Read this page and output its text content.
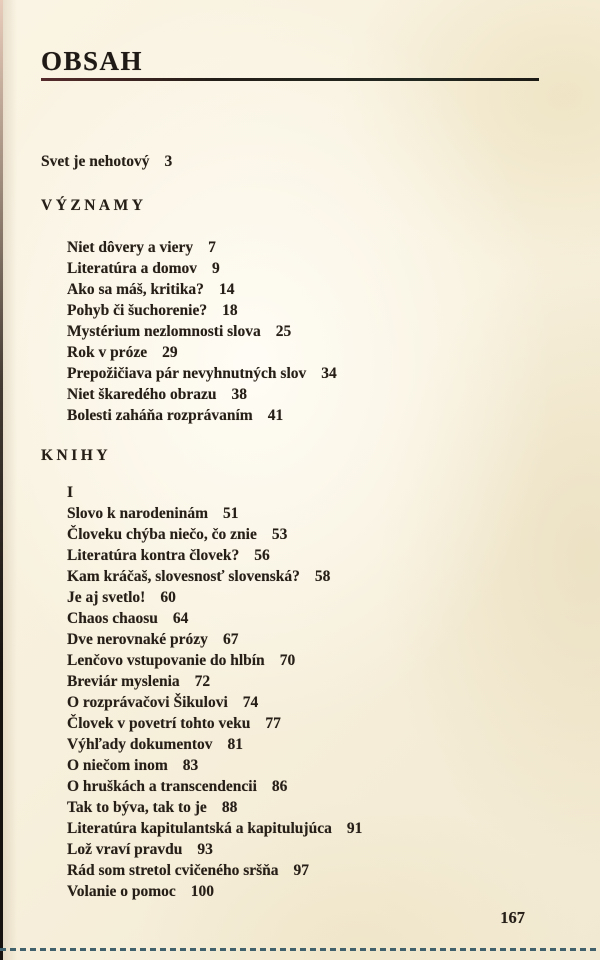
OBSAH
Svet je nehotový 3
VÝZNAMY
Niet dôvery a viery 7
Literatúra a domov 9
Ako sa máš, kritika? 14
Pohyb či šuchorenie? 18
Mystérium nezlomnosti slova 25
Rok v próze 29
Prepožičiava pár nevyhnutných slov 34
Niet škaredého obrazu 38
Bolesti zaháňa rozprávaním 41
KNIHY
I
Slovo k narodeninám 51
Človeku chýba niečo, čo znie 53
Literatúra kontra človek? 56
Kam kráčaš, slovesnosť slovenská? 58
Je aj svetlo! 60
Chaos chaosu 64
Dve nerovnaké prózy 67
Lenčovo vstupovanie do hlbín 70
Breviár myslenia 72
O rozprávačovi Šikulovi 74
Človek v povetrí tohto veku 77
Výhľady dokumentov 81
O niečom inom 83
O hruškách a transcendencii 86
Tak to býva, tak to je 88
Literatúra kapitulantská a kapitulujúca 91
Lož vraví pravdu 93
Rád som stretol cvičeného sršňa 97
Volanie o pomoc 100
167
